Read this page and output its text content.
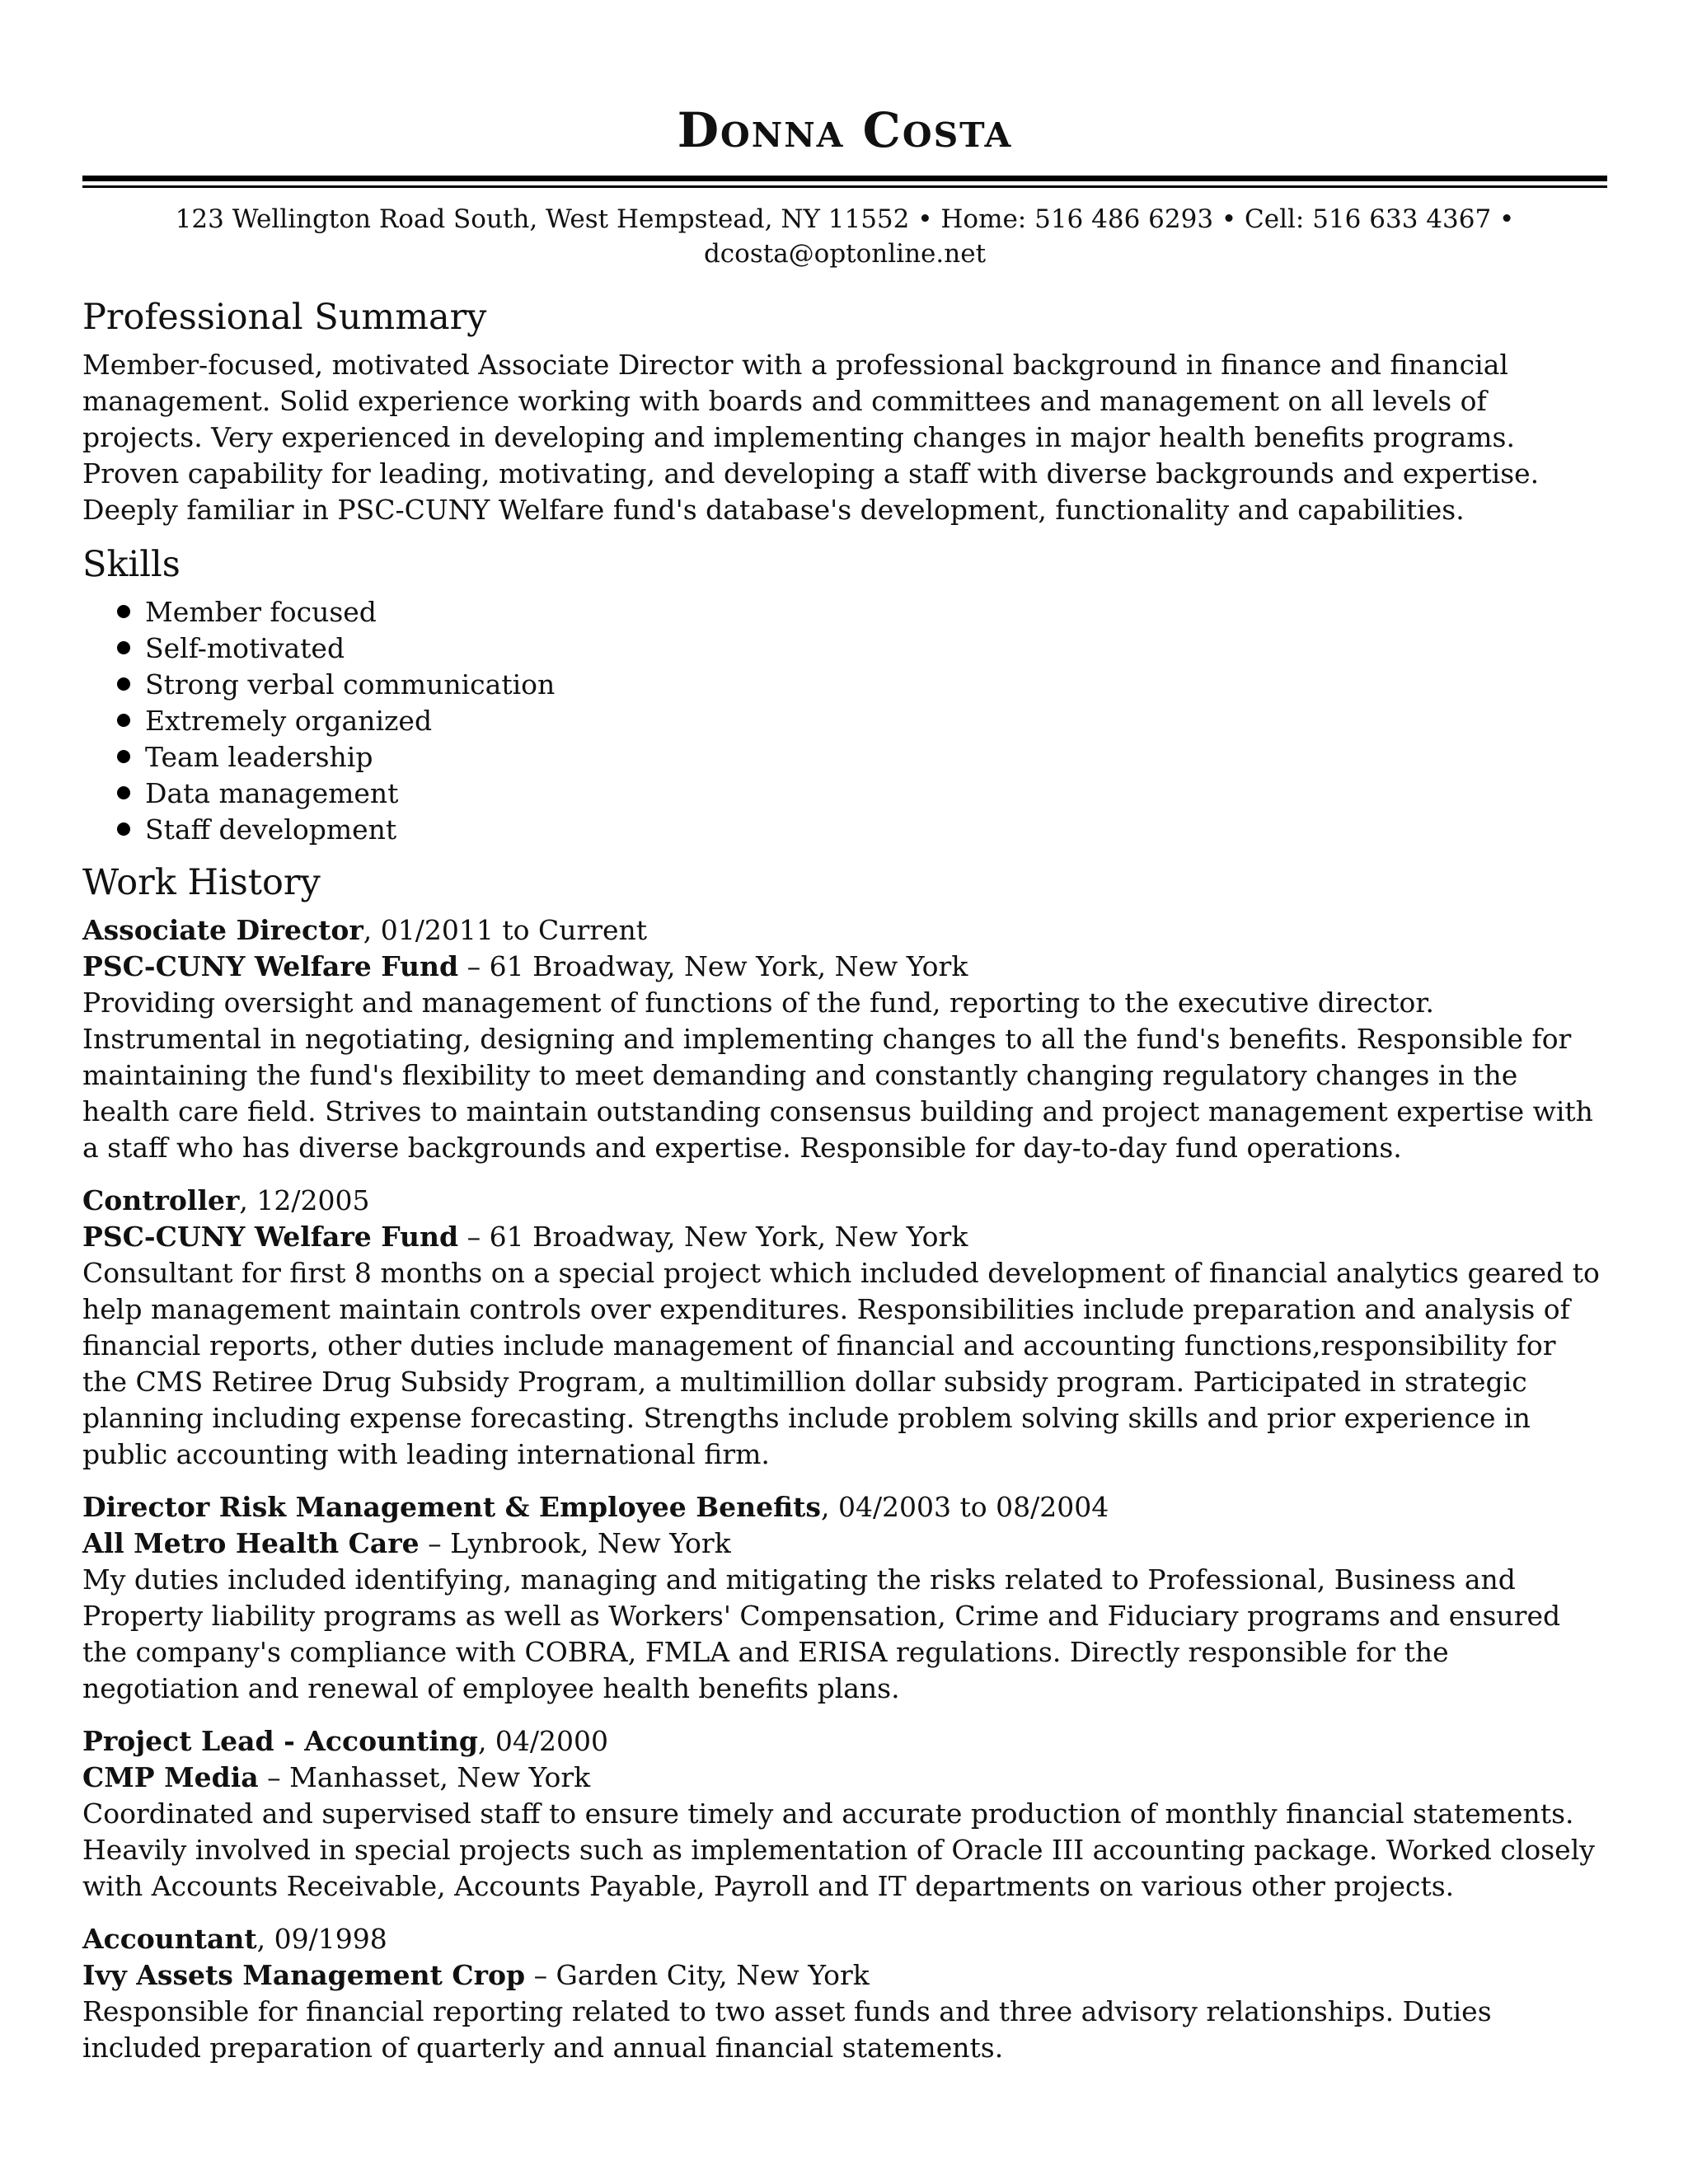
Donna Costa
123 Wellington Road South, West Hempstead, NY 11552 • Home: 516 486 6293 • Cell: 516 633 4367 •
dcosta@optonline.net
Professional Summary

Member-focused, motivated Associate Director with a professional background in finance and financial management. Solid experience working with boards and committees and management on all levels of projects. Very experienced in developing and implementing changes in major health benefits programs. Proven capability for leading, motivating, and developing a staff with diverse backgrounds and expertise. Deeply familiar in PSC-CUNY Welfare fund's database's development, functionality and capabilities.

Skills
Member focused
Self-motivated
Strong verbal communication
Extremely organized
Team leadership
Data management
Staff development
Work History

Associate Director, 01/2011 to Current

PSC-CUNY Welfare Fund – 61 Broadway, New York, New York

Providing oversight and management of functions of the fund, reporting to the executive director. Instrumental in negotiating, designing and implementing changes to all the fund's benefits. Responsible for maintaining the fund's flexibility to meet demanding and constantly changing regulatory changes in the health care field. Strives to maintain outstanding consensus building and project management expertise with a staff who has diverse backgrounds and expertise. Responsible for day-to-day fund operations.

Controller, 12/2005

PSC-CUNY Welfare Fund – 61 Broadway, New York, New York

Consultant for first 8 months on a special project which included development of financial analytics geared to help management maintain controls over expenditures. Responsibilities include preparation and analysis of financial reports, other duties include management of financial and accounting functions,responsibility for the CMS Retiree Drug Subsidy Program, a multimillion dollar subsidy program. Participated in strategic planning including expense forecasting. Strengths include problem solving skills and prior experience in public accounting with leading international firm.

Director Risk Management & Employee Benefits, 04/2003 to 08/2004

All Metro Health Care – Lynbrook, New York

My duties included identifying, managing and mitigating the risks related to Professional, Business and Property liability programs as well as Workers' Compensation, Crime and Fiduciary programs and ensured the company's compliance with COBRA, FMLA and ERISA regulations. Directly responsible for the negotiation and renewal of employee health benefits plans.

Project Lead - Accounting, 04/2000

CMP Media – Manhasset, New York

Coordinated and supervised staff to ensure timely and accurate production of monthly financial statements. Heavily involved in special projects such as implementation of Oracle III accounting package. Worked closely with Accounts Receivable, Accounts Payable, Payroll and IT departments on various other projects.

Accountant, 09/1998

Ivy Assets Management Crop – Garden City, New York

Responsible for financial reporting related to two asset funds and three advisory relationships. Duties included preparation of quarterly and annual financial statements.
